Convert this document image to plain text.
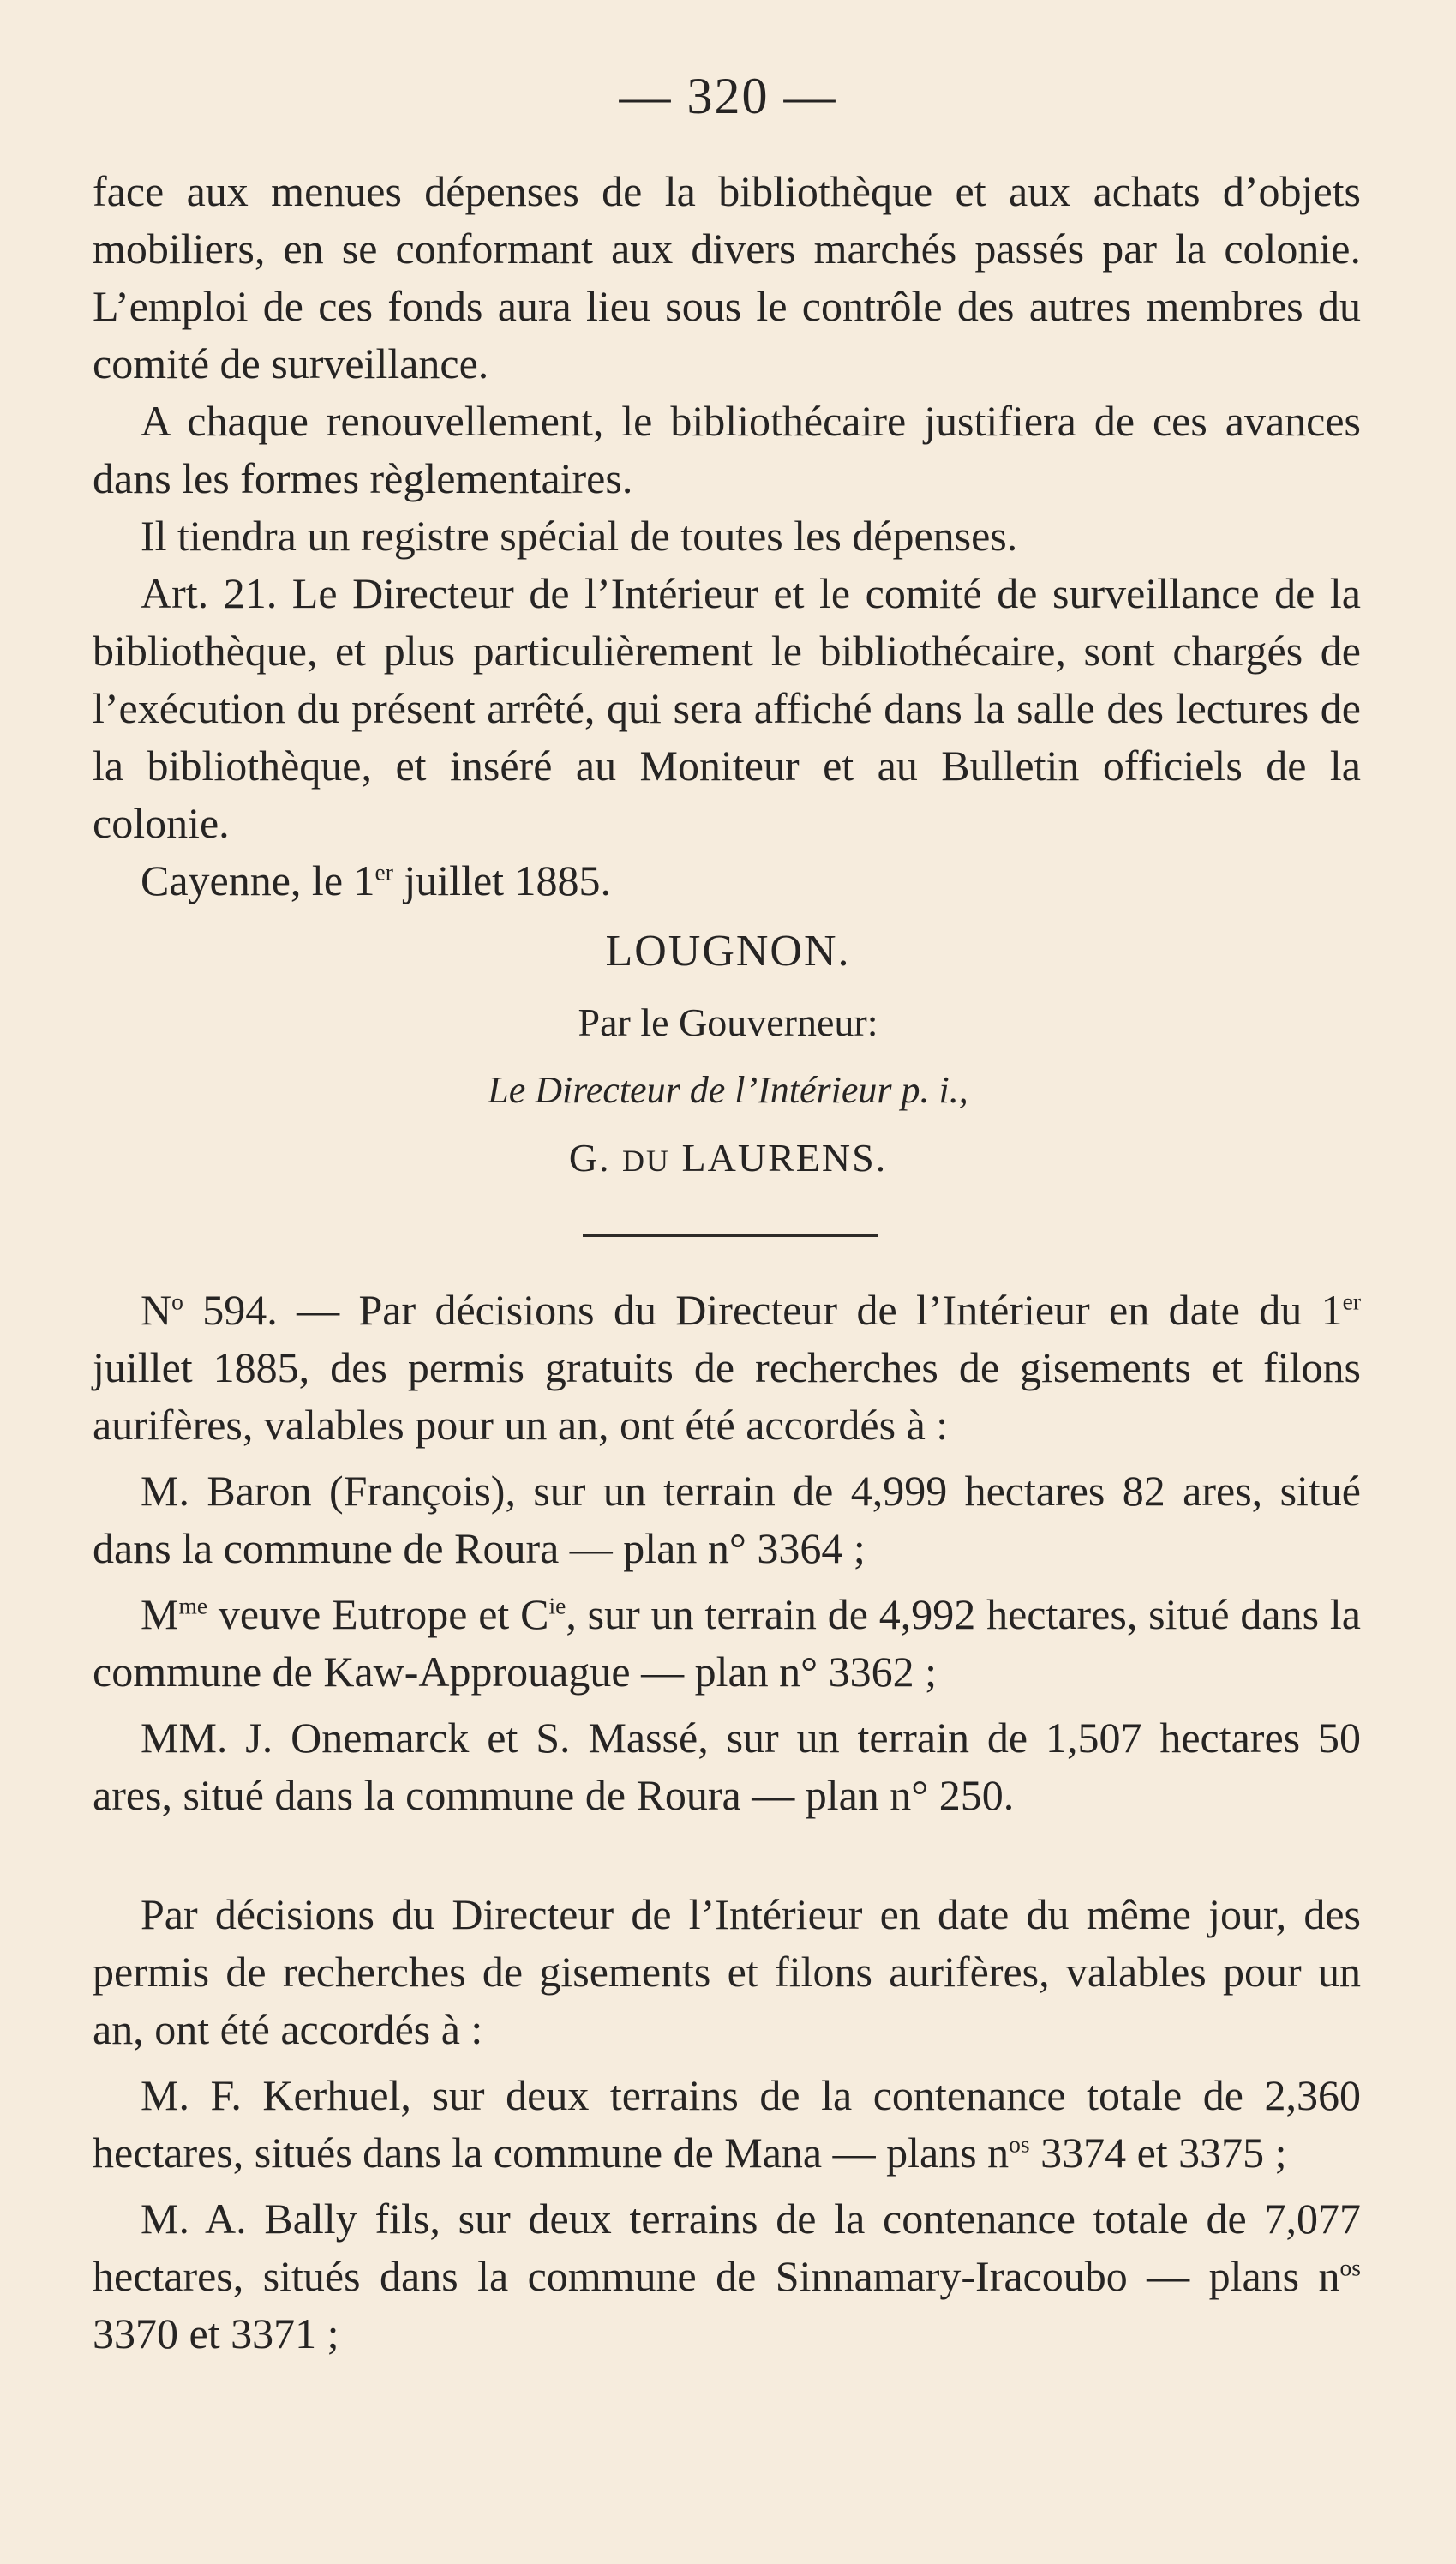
— 320 —

face aux menues dépenses de la bibliothèque et aux achats d’objets mobiliers, en se conformant aux divers marchés passés par la colonie. L’emploi de ces fonds aura lieu sous le contrôle des autres membres du comité de surveillance.

A chaque renouvellement, le bibliothécaire justifiera de ces avances dans les formes règlementaires.

Il tiendra un registre spécial de toutes les dépenses.

Art. 21. Le Directeur de l’Intérieur et le comité de surveillance de la bibliothèque, et plus particulièrement le bibliothécaire, sont chargés de l’exécution du présent arrêté, qui sera affiché dans la salle des lectures de la bibliothèque, et inséré au Moniteur et au Bulletin officiels de la colonie.

Cayenne, le 1er juillet 1885.

LOUGNON.
Par le Gouverneur:
Le Directeur de l’Intérieur p. i.,
G. DU LAURENS.

$N^o$ 594. — Par décisions du Directeur de l’Intérieur en date du 1er juillet 1885, des permis gratuits de recherches de gisements et filons aurifères, valables pour un an, ont été accordés à :

M. Baron (François), sur un terrain de 4,999 hectares 82 ares, situé dans la commune de Roura — plan n° 3364 ;

$M^{me}$ veuve Eutrope et $C^{ie}$, sur un terrain de 4,992 hectares, situé dans la commune de Kaw-Approuague — plan n° 3362 ;

MM. J. Onemarck et S. Massé, sur un terrain de 1,507 hectares 50 ares, situé dans la commune de Roura — plan n° 250.

Par décisions du Directeur de l’Intérieur en date du même jour, des permis de recherches de gisements et filons aurifères, valables pour un an, ont été accordés à :

M. F. Kerhuel, sur deux terrains de la contenance totale de 2,360 hectares, situés dans la commune de Mana — plans $n^{os}$ 3374 et 3375 ;

M. A. Bally fils, sur deux terrains de la contenance totale de 7,077 hectares, situés dans la commune de Sinnamary-Iracoubo — plans $n^{os}$ 3370 et 3371 ;
